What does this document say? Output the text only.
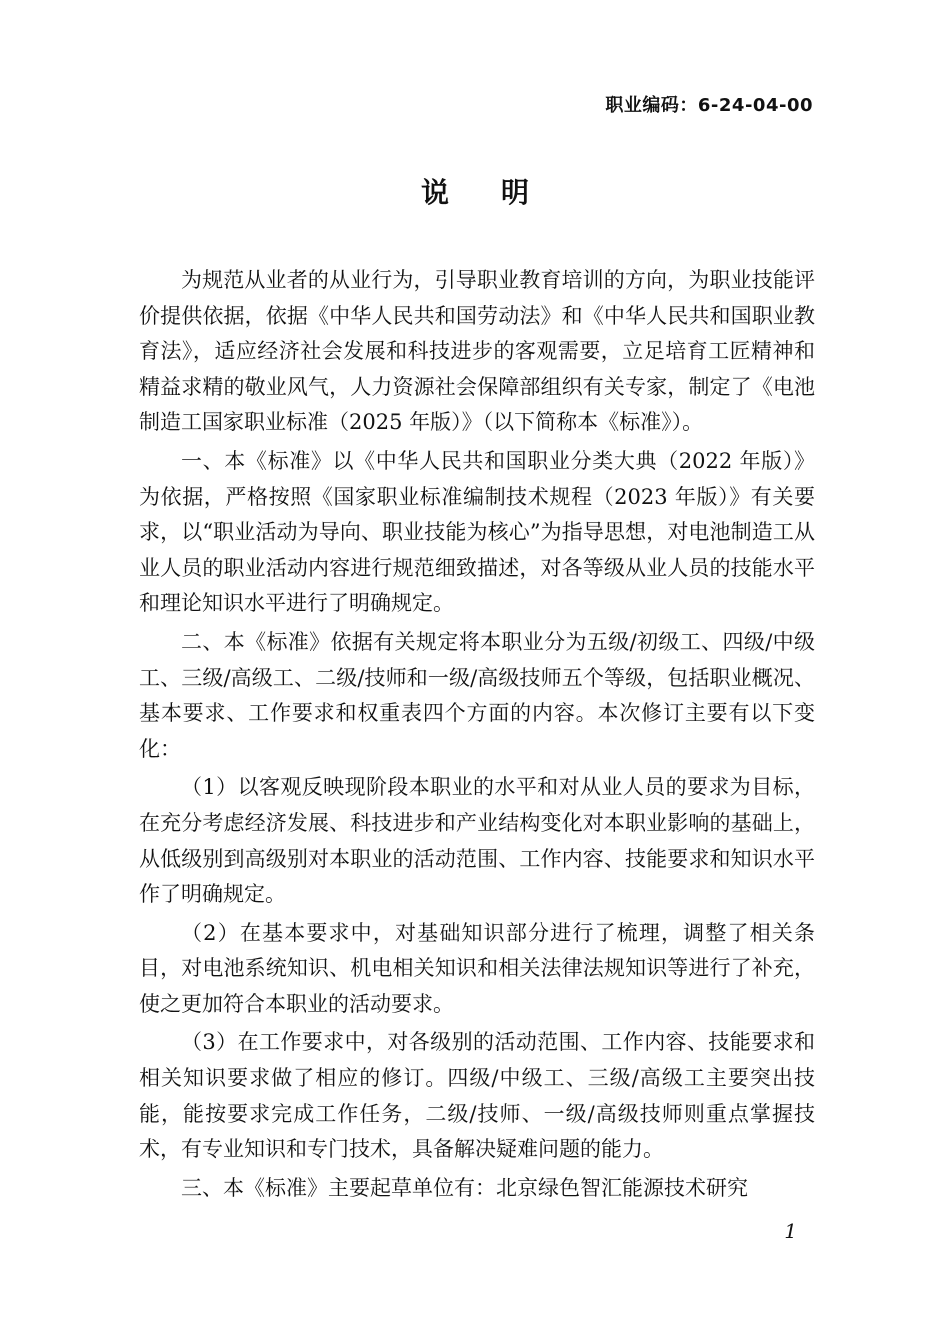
职业编码：6-24-04-00
说明

为规范从业者的从业行为，引导职业教育培训的方向，为职业技能评价提供依据，依据《中华人民共和国劳动法》和《中华人民共和国职业教育法》，适应经济社会发展和科技进步的客观需要，立足培育工匠精神和精益求精的敬业风气，人力资源社会保障部组织有关专家，制定了《电池制造工国家职业标准（2025 年版）》（以下简称本《标准》）。

一、本《标准》以《中华人民共和国职业分类大典（2022 年版）》为依据，严格按照《国家职业标准编制技术规程（2023 年版）》有关要求，以“职业活动为导向、职业技能为核心”为指导思想，对电池制造工从业人员的职业活动内容进行规范细致描述，对各等级从业人员的技能水平和理论知识水平进行了明确规定。

二、本《标准》依据有关规定将本职业分为五级/初级工、四级/中级工、三级/高级工、二级/技师和一级/高级技师五个等级，包括职业概况、基本要求、工作要求和权重表四个方面的内容。本次修订主要有以下变化：

（1）以客观反映现阶段本职业的水平和对从业人员的要求为目标，在充分考虑经济发展、科技进步和产业结构变化对本职业影响的基础上，从低级别到高级别对本职业的活动范围、工作内容、技能要求和知识水平作了明确规定。

（2）在基本要求中，对基础知识部分进行了梳理，调整了相关条目，对电池系统知识、机电相关知识和相关法律法规知识等进行了补充，使之更加符合本职业的活动要求。

（3）在工作要求中，对各级别的活动范围、工作内容、技能要求和相关知识要求做了相应的修订。四级/中级工、三级/高级工主要突出技能，能按要求完成工作任务，二级/技师、一级/高级技师则重点掌握技术，有专业知识和专门技术，具备解决疑难问题的能力。

三、本《标准》主要起草单位有：北京绿色智汇能源技术研究

1
